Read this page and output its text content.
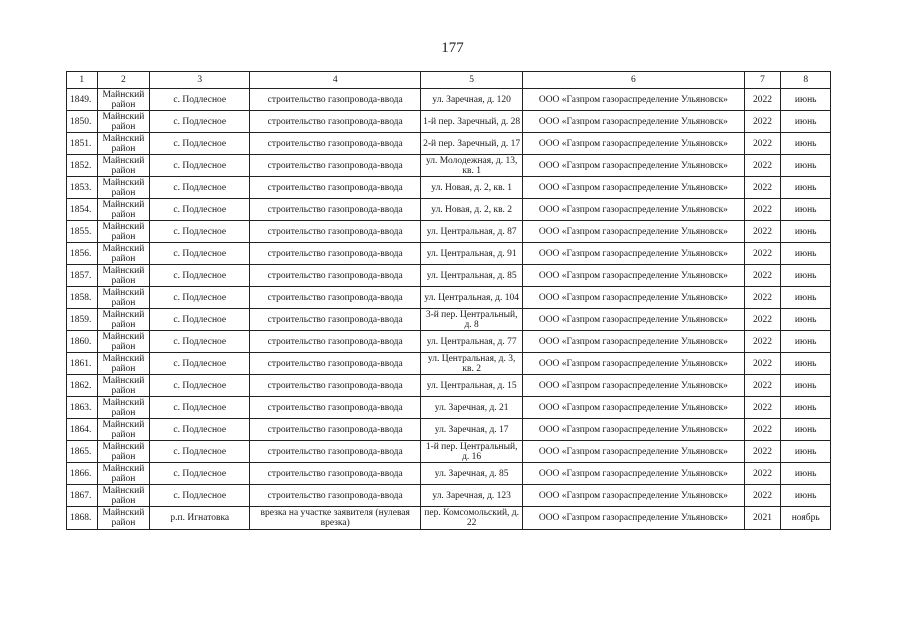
177
1	2	3	4	5	6	7	8
1849.	Майнский район	с. Подлесное	строительство газопровода-ввода	ул. Заречная, д. 120	ООО «Газпром газораспределение Ульяновск»	2022	июнь
1850.	Майнский район	с. Подлесное	строительство газопровода-ввода	1-й пер. Заречный, д. 28	ООО «Газпром газораспределение Ульяновск»	2022	июнь
1851.	Майнский район	с. Подлесное	строительство газопровода-ввода	2-й пер. Заречный, д. 17	ООО «Газпром газораспределение Ульяновск»	2022	июнь
1852.	Майнский район	с. Подлесное	строительство газопровода-ввода	ул. Молодежная, д. 13, кв. 1	ООО «Газпром газораспределение Ульяновск»	2022	июнь
1853.	Майнский район	с. Подлесное	строительство газопровода-ввода	ул. Новая, д. 2, кв. 1	ООО «Газпром газораспределение Ульяновск»	2022	июнь
1854.	Майнский район	с. Подлесное	строительство газопровода-ввода	ул. Новая, д. 2, кв. 2	ООО «Газпром газораспределение Ульяновск»	2022	июнь
1855.	Майнский район	с. Подлесное	строительство газопровода-ввода	ул. Центральная, д. 87	ООО «Газпром газораспределение Ульяновск»	2022	июнь
1856.	Майнский район	с. Подлесное	строительство газопровода-ввода	ул. Центральная, д. 91	ООО «Газпром газораспределение Ульяновск»	2022	июнь
1857.	Майнский район	с. Подлесное	строительство газопровода-ввода	ул. Центральная, д. 85	ООО «Газпром газораспределение Ульяновск»	2022	июнь
1858.	Майнский район	с. Подлесное	строительство газопровода-ввода	ул. Центральная, д. 104	ООО «Газпром газораспределение Ульяновск»	2022	июнь
1859.	Майнский район	с. Подлесное	строительство газопровода-ввода	3-й пер. Центральный, д. 8	ООО «Газпром газораспределение Ульяновск»	2022	июнь
1860.	Майнский район	с. Подлесное	строительство газопровода-ввода	ул. Центральная, д. 77	ООО «Газпром газораспределение Ульяновск»	2022	июнь
1861.	Майнский район	с. Подлесное	строительство газопровода-ввода	ул. Центральная, д. 3, кв. 2	ООО «Газпром газораспределение Ульяновск»	2022	июнь
1862.	Майнский район	с. Подлесное	строительство газопровода-ввода	ул. Центральная, д. 15	ООО «Газпром газораспределение Ульяновск»	2022	июнь
1863.	Майнский район	с. Подлесное	строительство газопровода-ввода	ул. Заречная, д. 21	ООО «Газпром газораспределение Ульяновск»	2022	июнь
1864.	Майнский район	с. Подлесное	строительство газопровода-ввода	ул. Заречная, д. 17	ООО «Газпром газораспределение Ульяновск»	2022	июнь
1865.	Майнский район	с. Подлесное	строительство газопровода-ввода	1-й пер. Центральный, д. 16	ООО «Газпром газораспределение Ульяновск»	2022	июнь
1866.	Майнский район	с. Подлесное	строительство газопровода-ввода	ул. Заречная, д. 85	ООО «Газпром газораспределение Ульяновск»	2022	июнь
1867.	Майнский район	с. Подлесное	строительство газопровода-ввода	ул. Заречная, д. 123	ООО «Газпром газораспределение Ульяновск»	2022	июнь
1868.	Майнский район	р.п. Игнатовка	врезка на участке заявителя (нулевая врезка)	пер. Комсомольский, д. 22	ООО «Газпром газораспределение Ульяновск»	2021	ноябрь
